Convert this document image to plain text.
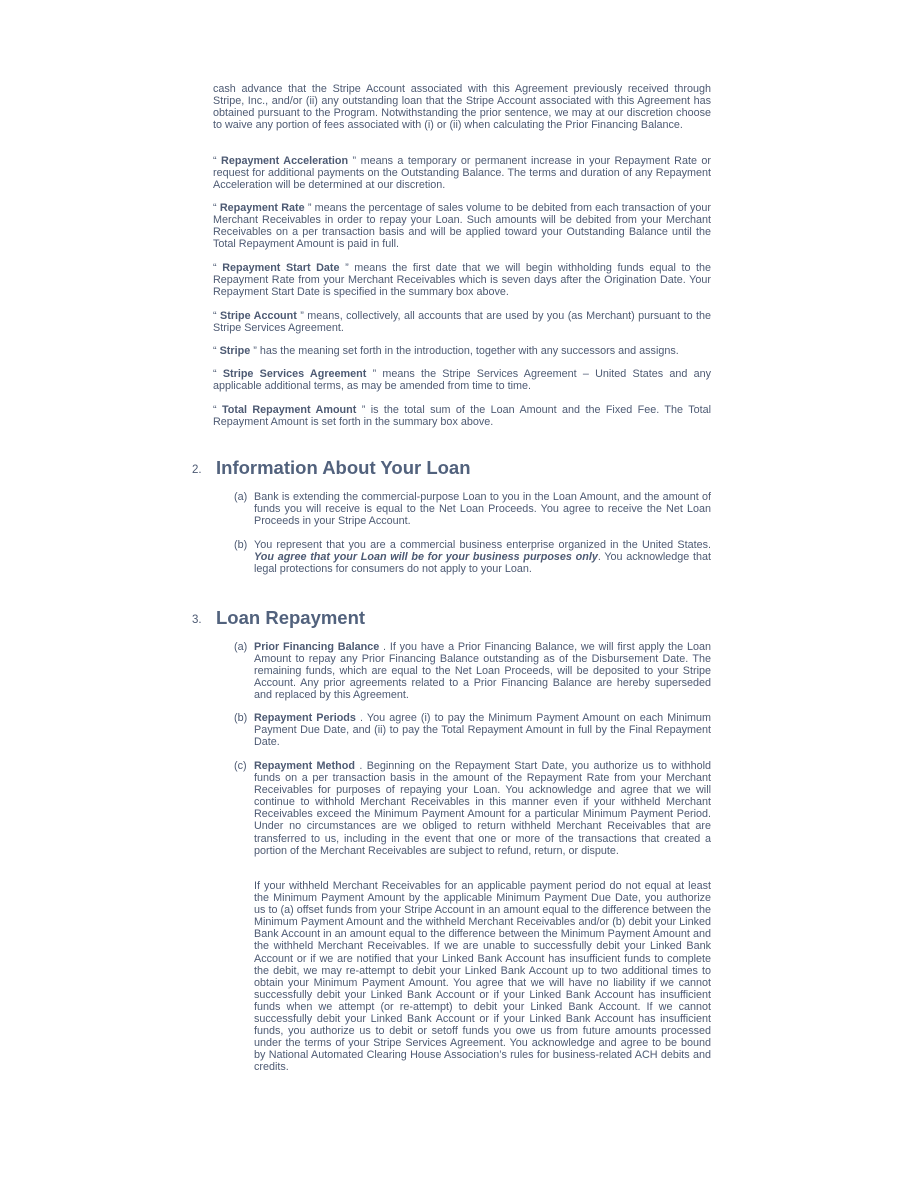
cash advance that the Stripe Account associated with this Agreement previously received through Stripe, Inc., and/or (ii) any outstanding loan that the Stripe Account associated with this Agreement has obtained pursuant to the Program. Notwithstanding the prior sentence, we may at our discretion choose to waive any portion of fees associated with (i) or (ii) when calculating the Prior Financing Balance.

“ Repayment Acceleration ” means a temporary or permanent increase in your Repayment Rate or request for additional payments on the Outstanding Balance. The terms and duration of any Repayment Acceleration will be determined at our discretion.

“ Repayment Rate ” means the percentage of sales volume to be debited from each transaction of your Merchant Receivables in order to repay your Loan. Such amounts will be debited from your Merchant Receivables on a per transaction basis and will be applied toward your Outstanding Balance until the Total Repayment Amount is paid in full.

“ Repayment Start Date ” means the first date that we will begin withholding funds equal to the Repayment Rate from your Merchant Receivables which is seven days after the Origination Date. Your Repayment Start Date is specified in the summary box above.

“ Stripe Account ” means, collectively, all accounts that are used by you (as Merchant) pursuant to the Stripe Services Agreement.

“ Stripe ” has the meaning set forth in the introduction, together with any successors and assigns.

“ Stripe Services Agreement ” means the Stripe Services Agreement – United States and any applicable additional terms, as may be amended from time to time.

“ Total Repayment Amount ” is the total sum of the Loan Amount and the Fixed Fee. The Total Repayment Amount is set forth in the summary box above.

2. Information About Your Loan
(a) Bank is extending the commercial-purpose Loan to you in the Loan Amount, and the amount of funds you will receive is equal to the Net Loan Proceeds. You agree to receive the Net Loan Proceeds in your Stripe Account.

(b) You represent that you are a commercial business enterprise organized in the United States. You agree that your Loan will be for your business purposes only. You acknowledge that legal protections for consumers do not apply to your Loan.

3. Loan Repayment
(a) Prior Financing Balance . If you have a Prior Financing Balance, we will first apply the Loan Amount to repay any Prior Financing Balance outstanding as of the Disbursement Date. The remaining funds, which are equal to the Net Loan Proceeds, will be deposited to your Stripe Account. Any prior agreements related to a Prior Financing Balance are hereby superseded and replaced by this Agreement.

(b) Repayment Periods . You agree (i) to pay the Minimum Payment Amount on each Minimum Payment Due Date, and (ii) to pay the Total Repayment Amount in full by the Final Repayment Date.

(c) Repayment Method . Beginning on the Repayment Start Date, you authorize us to withhold funds on a per transaction basis in the amount of the Repayment Rate from your Merchant Receivables for purposes of repaying your Loan. You acknowledge and agree that we will continue to withhold Merchant Receivables in this manner even if your withheld Merchant Receivables exceed the Minimum Payment Amount for a particular Minimum Payment Period. Under no circumstances are we obliged to return withheld Merchant Receivables that are transferred to us, including in the event that one or more of the transactions that created a portion of the Merchant Receivables are subject to refund, return, or dispute.

If your withheld Merchant Receivables for an applicable payment period do not equal at least the Minimum Payment Amount by the applicable Minimum Payment Due Date, you authorize us to (a) offset funds from your Stripe Account in an amount equal to the difference between the Minimum Payment Amount and the withheld Merchant Receivables and/or (b) debit your Linked Bank Account in an amount equal to the difference between the Minimum Payment Amount and the withheld Merchant Receivables. If we are unable to successfully debit your Linked Bank Account or if we are notified that your Linked Bank Account has insufficient funds to complete the debit, we may re-attempt to debit your Linked Bank Account up to two additional times to obtain your Minimum Payment Amount. You agree that we will have no liability if we cannot successfully debit your Linked Bank Account or if your Linked Bank Account has insufficient funds when we attempt (or re-attempt) to debit your Linked Bank Account. If we cannot successfully debit your Linked Bank Account or if your Linked Bank Account has insufficient funds, you authorize us to debit or setoff funds you owe us from future amounts processed under the terms of your Stripe Services Agreement. You acknowledge and agree to be bound by National Automated Clearing House Association’s rules for business-related ACH debits and credits.
